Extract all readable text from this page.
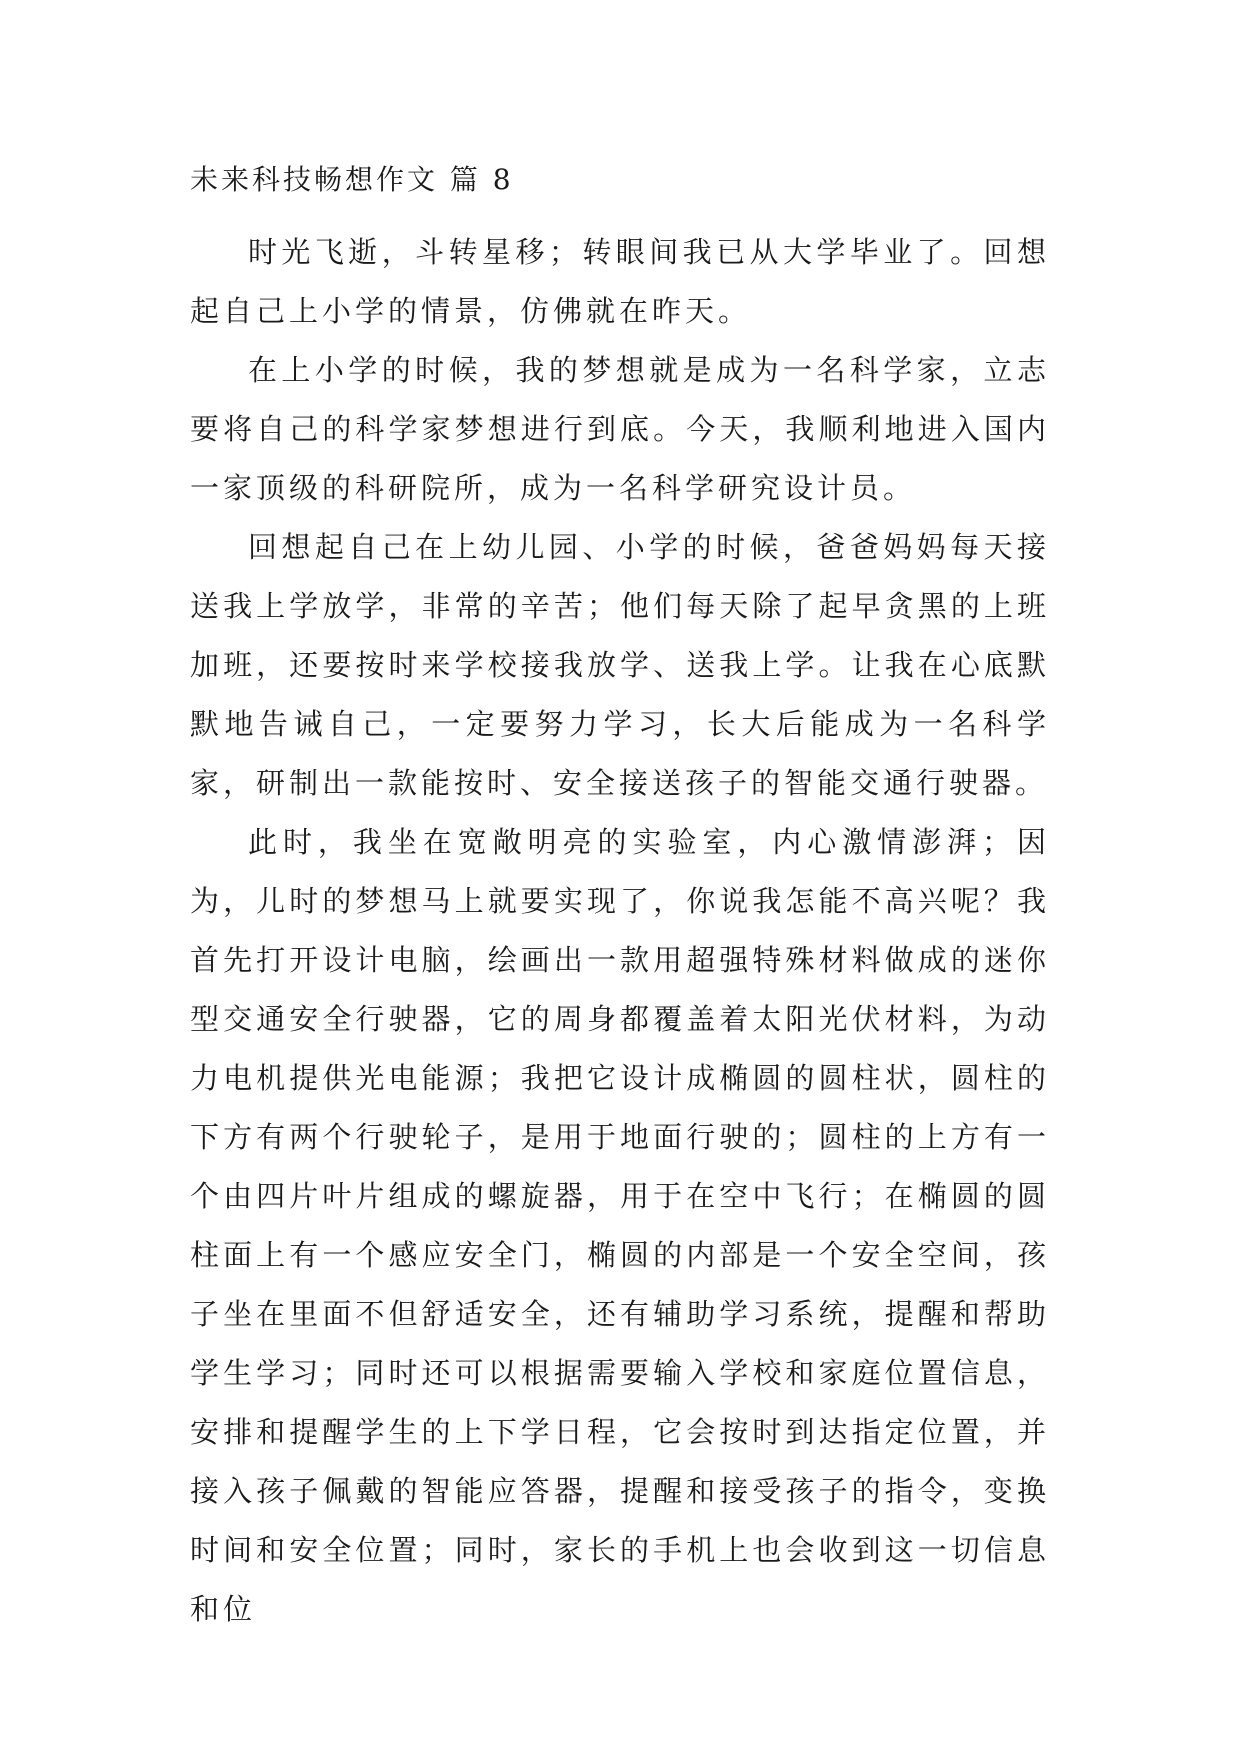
未来科技畅想作文 篇 8

时光飞逝，斗转星移；转眼间我已从大学毕业了。回想起自己上小学的情景，仿佛就在昨天。

在上小学的时候，我的梦想就是成为一名科学家，立志要将自己的科学家梦想进行到底。今天，我顺利地进入国内一家顶级的科研院所，成为一名科学研究设计员。

回想起自己在上幼儿园、小学的时候，爸爸妈妈每天接送我上学放学，非常的辛苦；他们每天除了起早贪黑的上班加班，还要按时来学校接我放学、送我上学。让我在心底默默地告诫自己，一定要努力学习，长大后能成为一名科学家，研制出一款能按时、安全接送孩子的智能交通行驶器。

此时，我坐在宽敞明亮的实验室，内心激情澎湃；因为，儿时的梦想马上就要实现了，你说我怎能不高兴呢？我首先打开设计电脑，绘画出一款用超强特殊材料做成的迷你型交通安全行驶器，它的周身都覆盖着太阳光伏材料，为动力电机提供光电能源；我把它设计成椭圆的圆柱状，圆柱的下方有两个行驶轮子，是用于地面行驶的；圆柱的上方有一个由四片叶片组成的螺旋器，用于在空中飞行；在椭圆的圆柱面上有一个感应安全门，椭圆的内部是一个安全空间，孩子坐在里面不但舒适安全，还有辅助学习系统，提醒和帮助学生学习；同时还可以根据需要输入学校和家庭位置信息，安排和提醒学生的上下学日程，它会按时到达指定位置，并接入孩子佩戴的智能应答器，提醒和接受孩子的指令，变换时间和安全位置；同时，家长的手机上也会收到这一切信息和位
